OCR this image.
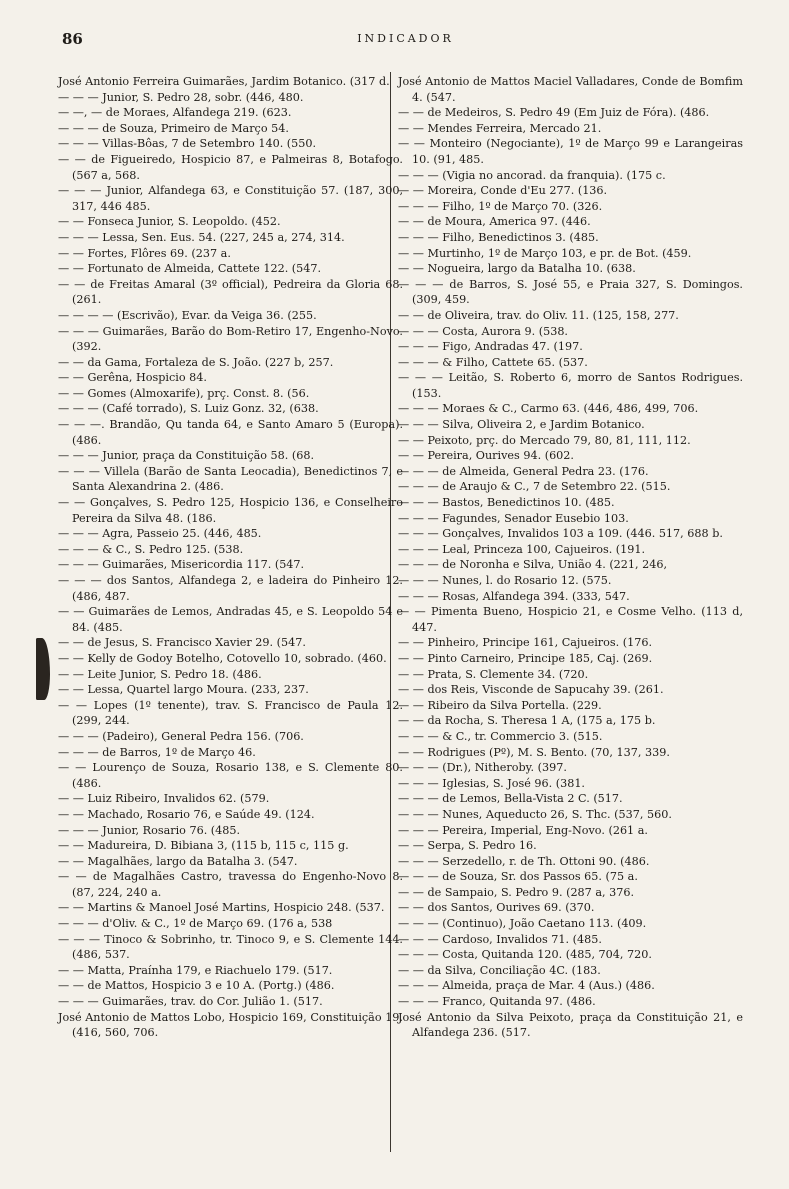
86	INDICADOR
José Antonio Ferreira Guimarães, Jardim Botanico. (317 d.
— — — Junior, S. Pedro 28, sobr. (446, 480.
— —, — de Moraes, Alfandega 219. (623.
— — — de Souza, Primeiro de Março 54.
— — — Villas-Bôas, 7 de Setembro 140. (550.
— — de Figueiredo, Hospicio 87, e Palmeiras 8, Botafogo. (567 a, 568.
— — — Junior, Alfandega 63, e Constituição 57. (187, 300, 317, 446 485.
— — Fonseca Junior, S. Leopoldo. (452.
— — — Lessa, Sen. Eus. 54. (227, 245 a, 274, 314.
— — Fortes, Flôres 69. (237 a.
— — Fortunato de Almeida, Cattete 122. (547.
— — de Freitas Amaral (3º official), Pedreira da Gloria 68. (261.
— — — — (Escrivão), Evar. da Veiga 36. (255.
— — — Guimarães, Barão do Bom-Retiro 17, Engenho-Novo. (392.
— — da Gama, Fortaleza de S. João. (227 b, 257.
— — Gerêna, Hospicio 84.
— — Gomes (Almoxarife), prç. Const. 8. (56.
— — — (Café torrado), S. Luiz Gonz. 32, (638.
— — —. Brandão, Qu tanda 64, e Santo Amaro 5 (Europa). (486.
— — — Junior, praça da Constituição 58. (68.
— — — Villela (Barão de Santa Leocadia), Benedictinos 7, e Santa Alexandrina 2. (486.
— — Gonçalves, S. Pedro 125, Hospicio 136, e Conselheiro Pereira da Silva 48. (186.
— — — Agra, Passeio 25. (446, 485.
— — — & C., S. Pedro 125. (538.
— — — Guimarães, Misericordia 117. (547.
— — — dos Santos, Alfandega 2, e ladeira do Pinheiro 12. (486, 487.
— — Guimarães de Lemos, Andradas 45, e S. Leopoldo 54 e 84. (485.
— — de Jesus, S. Francisco Xavier 29. (547.
— — Kelly de Godoy Botelho, Cotovello 10, sobrado. (460.
— — Leite Junior, S. Pedro 18. (486.
— — Lessa, Quartel largo Moura. (233, 237.
— — Lopes (1º tenente), trav. S. Francisco de Paula 12. (299, 244.
— — — (Padeiro), General Pedra 156. (706.
— — — de Barros, 1º de Março 46.
— — Lourenço de Souza, Rosario 138, e S. Clemente 80. (486.
— — Luiz Ribeiro, Invalidos 62. (579.
— — Machado, Rosario 76, e Saúde 49. (124.
— — — Junior, Rosario 76. (485.
— — Madureira, D. Bibiana 3, (115 b, 115 c, 115 g.
— — Magalhães, largo da Batalha 3. (547.
— — de Magalhães Castro, travessa do Engenho-Novo 8. (87, 224, 240 a.
— — Martins & Manoel José Martins, Hospicio 248. (537.
— — — d'Oliv. & C., 1º de Março 69. (176 a, 538
— — — Tinoco & Sobrinho, tr. Tinoco 9, e S. Clemente 144. (486, 537.
— — Matta, Praínha 179, e Riachuelo 179. (517.
— — de Mattos, Hospicio 3 e 10 A. (Portg.) (486.
— — — Guimarães, trav. do Cor. Julião 1. (517.
José Antonio de Mattos Lobo, Hospicio 169, Constituição 19. (416, 560, 706.
José Antonio de Mattos Maciel Valladares, Conde de Bomfim 4. (547.
— — de Medeiros, S. Pedro 49 (Em Juiz de Fóra). (486.
— — Mendes Ferreira, Mercado 21.
— — Monteiro (Negociante), 1º de Março 99 e Larangeiras 10. (91, 485.
— — — (Vigia no ancorad. da franquia). (175 c.
— — Moreira, Conde d'Eu 277. (136.
— — — Filho, 1º de Março 70. (326.
— — de Moura, America 97. (446.
— — — Filho, Benedictinos 3. (485.
— — Murtinho, 1º de Março 103, e pr. de Bot. (459.
— — Nogueira, largo da Batalha 10. (638.
— — — de Barros, S. José 55, e Praia 327, S. Domingos. (309, 459.
— — de Oliveira, trav. do Oliv. 11. (125, 158, 277.
— — — Costa, Aurora 9. (538.
— — — Figo, Andradas 47. (197.
— — — & Filho, Cattete 65. (537.
— — — Leitão, S. Roberto 6, morro de Santos Rodrigues. (153.
— — — Moraes & C., Carmo 63. (446, 486, 499, 706.
— — — Silva, Oliveira 2, e Jardim Botanico.
— — Peixoto, prç. do Mercado 79, 80, 81, 111, 112.
— — Pereira, Ourives 94. (602.
— — — de Almeida, General Pedra 23. (176.
— — — de Araujo & C., 7 de Setembro 22. (515.
— — — Bastos, Benedictinos 10. (485.
— — — Fagundes, Senador Eusebio 103.
— — — Gonçalves, Invalidos 103 a 109. (446. 517, 688 b.
— — — Leal, Princeza 100, Cajueiros. (191.
— — — de Noronha e Silva, União 4. (221, 246,
— — — Nunes, l. do Rosario 12. (575.
— — — Rosas, Alfandega 394. (333, 547.
— — Pimenta Bueno, Hospicio 21, e Cosme Velho. (113 d, 447.
— — Pinheiro, Principe 161, Cajueiros. (176.
— — Pinto Carneiro, Principe 185, Caj. (269.
— — Prata, S. Clemente 34. (720.
— — dos Reis, Visconde de Sapucahy 39. (261.
— — Ribeiro da Silva Portella. (229.
— — da Rocha, S. Theresa 1 A, (175 a, 175 b.
— — — & C., tr. Commercio 3. (515.
— — Rodrigues (Pº), M. S. Bento. (70, 137, 339.
— — — (Dr.), Nitheroby. (397.
— — — Iglesias, S. José 96. (381.
— — — de Lemos, Bella-Vista 2 C. (517.
— — — Nunes, Aqueducto 26, S. Thc. (537, 560.
— — — Pereira, Imperial, Eng-Novo. (261 a.
— — Serpa, S. Pedro 16.
— — — Serzedello, r. de Th. Ottoni 90. (486.
— — — de Souza, Sr. dos Passos 65. (75 a.
— — de Sampaio, S. Pedro 9. (287 a, 376.
— — dos Santos, Ourives 69. (370.
— — — (Continuo), João Caetano 113. (409.
— — — Cardoso, Invalidos 71. (485.
— — — Costa, Quitanda 120. (485, 704, 720.
— — da Silva, Conciliação 4C. (183.
— — — Almeida, praça de Mar. 4 (Aus.) (486.
— — — Franco, Quitanda 97. (486.
José Antonio da Silva Peixoto, praça da Constituição 21, e Alfandega 236. (517.
